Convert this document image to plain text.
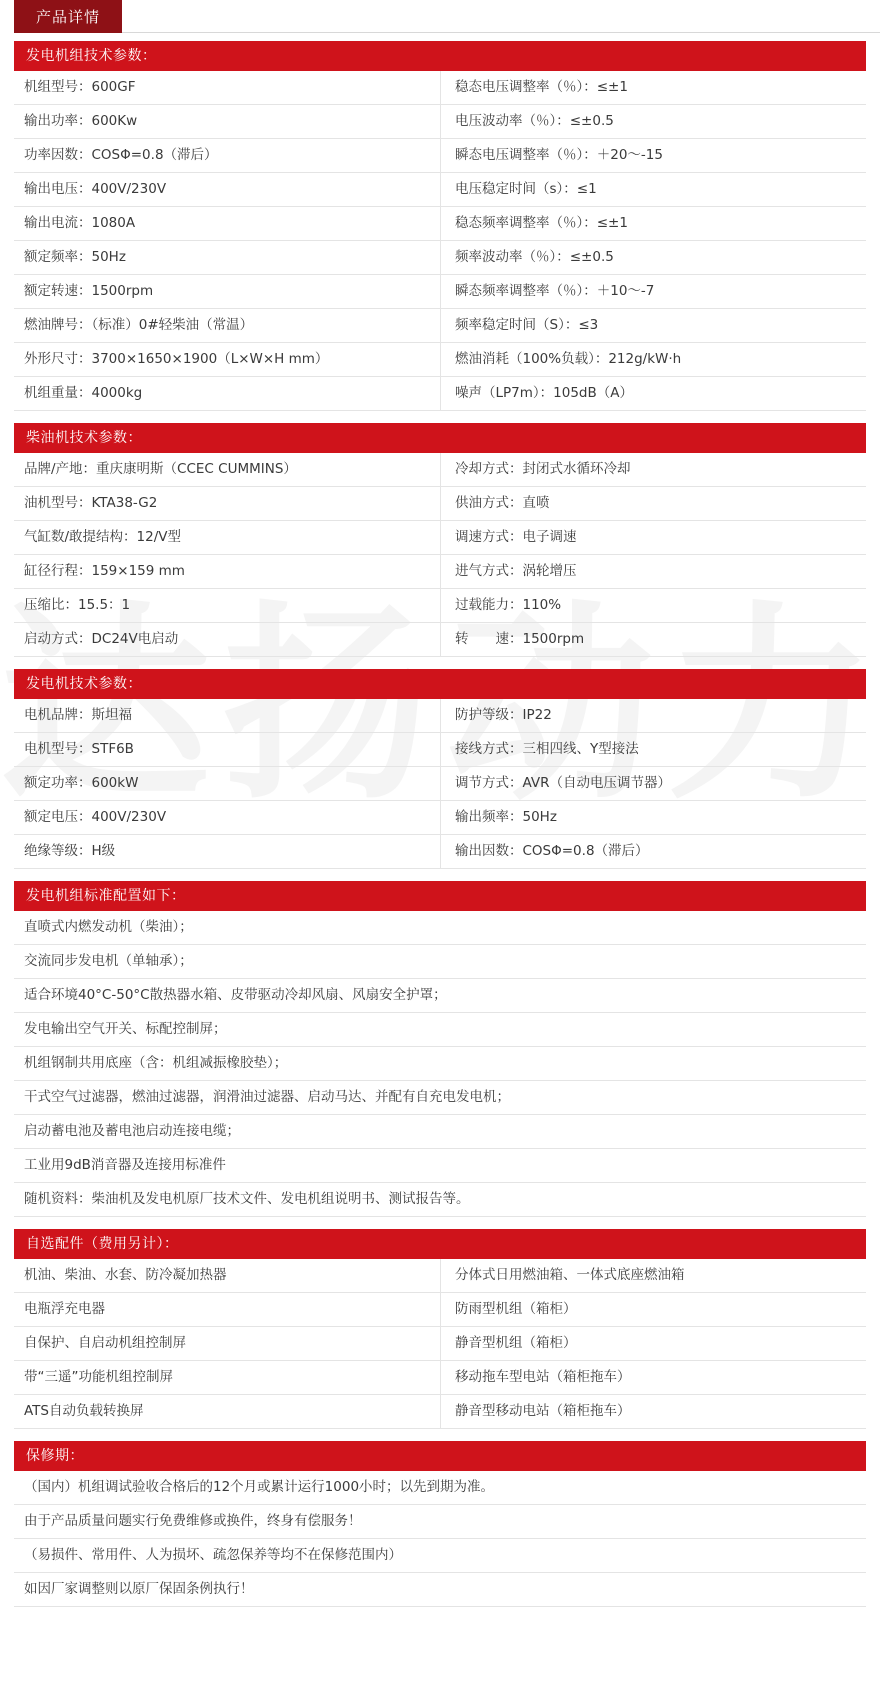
产品详情
发电机组技术参数：
机组型号：600GF	稳态电压调整率（％）：≤±1
输出功率：600Kw	电压波动率（％）：≤±0.5
功率因数：COSΦ=0.8（滞后）	瞬态电压调整率（％）：＋20～‐15
输出电压：400V/230V	电压稳定时间（s）：≤1
输出电流：1080A	稳态频率调整率（％）：≤±1
额定频率：50Hz	频率波动率（％）：≤±0.5
额定转速：1500rpm	瞬态频率调整率（％）：＋10～‐7
燃油牌号：（标准）0#轻柴油（常温）	频率稳定时间（S）：≤3
外形尺寸：3700×1650×1900（L×W×H mm）	燃油消耗（100%负载）：212g/kW·h
机组重量：4000kg	噪声（LP7m）：105dB（A）
柴油机技术参数：
品牌/产地：重庆康明斯（CCEC CUMMINS）	冷却方式：封闭式水循环冷却
油机型号：KTA38-G2	供油方式：直喷
气缸数/敢提结构：12/V型	调速方式：电子调速
缸径行程：159×159 mm	进气方式：涡轮增压
压缩比：15.5：1	过载能力：110%
启动方式：DC24V电启动	转　　速：1500rpm
发电机技术参数：
电机品牌：斯坦福	防护等级：IP22
电机型号：STF6B	接线方式：三相四线、Y型接法
额定功率：600kW	调节方式：AVR（自动电压调节器）
额定电压：400V/230V	输出频率：50Hz
绝缘等级：H级	输出因数：COSΦ=0.8（滞后）
发电机组标准配置如下：
直喷式内燃发动机（柴油）；
交流同步发电机（单轴承）；
适合环境40°C‐50°C散热器水箱、皮带驱动冷却风扇、风扇安全护罩；
发电输出空气开关、标配控制屏；
机组钢制共用底座（含：机组减振橡胶垫）；
干式空气过滤器，燃油过滤器，润滑油过滤器、启动马达、并配有自充电发电机；
启动蓄电池及蓄电池启动连接电缆；
工业用9dB消音器及连接用标准件
随机资料：柴油机及发电机原厂技术文件、发电机组说明书、测试报告等。
自选配件（费用另计）：
机油、柴油、水套、防冷凝加热器	分体式日用燃油箱、一体式底座燃油箱
电瓶浮充电器	防雨型机组（箱柜）
自保护、自启动机组控制屏	静音型机组（箱柜）
带“三遥”功能机组控制屏	移动拖车型电站（箱柜拖车）
ATS自动负载转换屏	静音型移动电站（箱柜拖车）
保修期：
（国内）机组调试验收合格后的12个月或累计运行1000小时；以先到期为准。
由于产品质量问题实行免费维修或换件，终身有偿服务！
（易损件、常用件、人为损坏、疏忽保养等均不在保修范围内）
如因厂家调整则以原厂保固条例执行！
